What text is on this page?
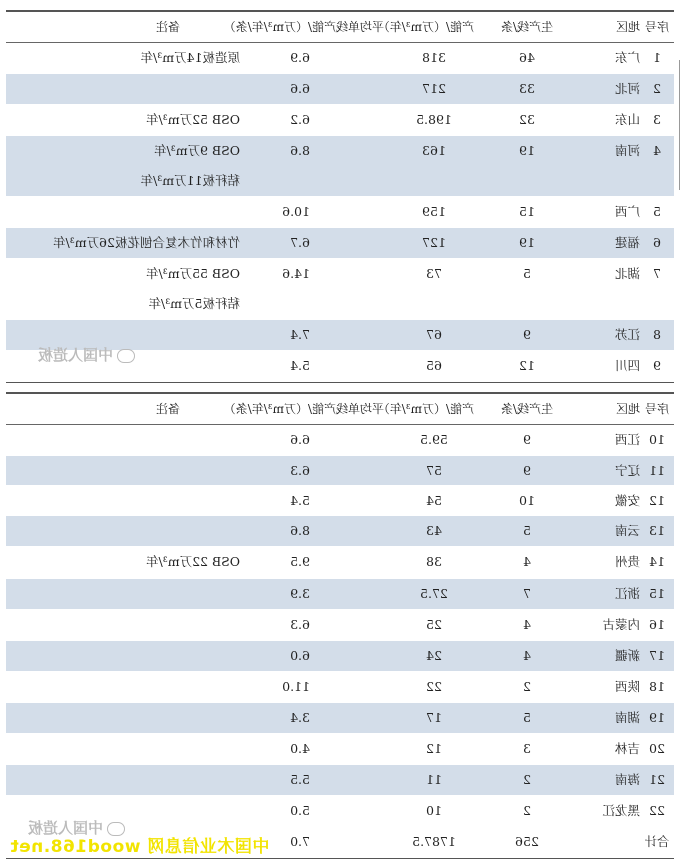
序号
地区
生产线/条
产能/（万m³/年）
平均单线产能/（万m³/年/条）
备注
1
广东
46
318
6.9
原造板14万m³/年
2
河北
33
217
6.6
3
山东
32
198.5
6.2
OSB 52万m³/年
4
河南
19
163
8.6
OSB 9万m³/年
秸秆板11万m³/年
5
广西
15
159
10.6
6
福建
19
127
6.7
竹材和竹木复合刨花板26万m³/年
7
湖北
5
73
14.6
OSB 55万m³/年
秸秆板5万m³/年
8
江苏
9
67
7.4
9
四川
12
65
5.4
序号
地区
生产线/条
产能/（万m³/年）
平均单线产能/（万m³/年/条）
备注
10
江西
9
59.5
6.6
11
辽宁
9
57
6.3
12
安徽
10
54
5.4
13
云南
5
43
8.6
14
贵州
4
38
9.5
OSB 22万m³/年
15
浙江
7
27.5
3.9
16
内蒙古
4
25
6.3
17
新疆
4
24
6.0
18
陕西
2
22
11.0
19
湖南
5
17
3.4
20
吉林
3
12
4.0
21
海南
2
11
5.5
22
黑龙江
2
10
5.0
合计
256
1787.5
7.0
中国人造板
中国人造板
中国木业信息网 wood168.net
